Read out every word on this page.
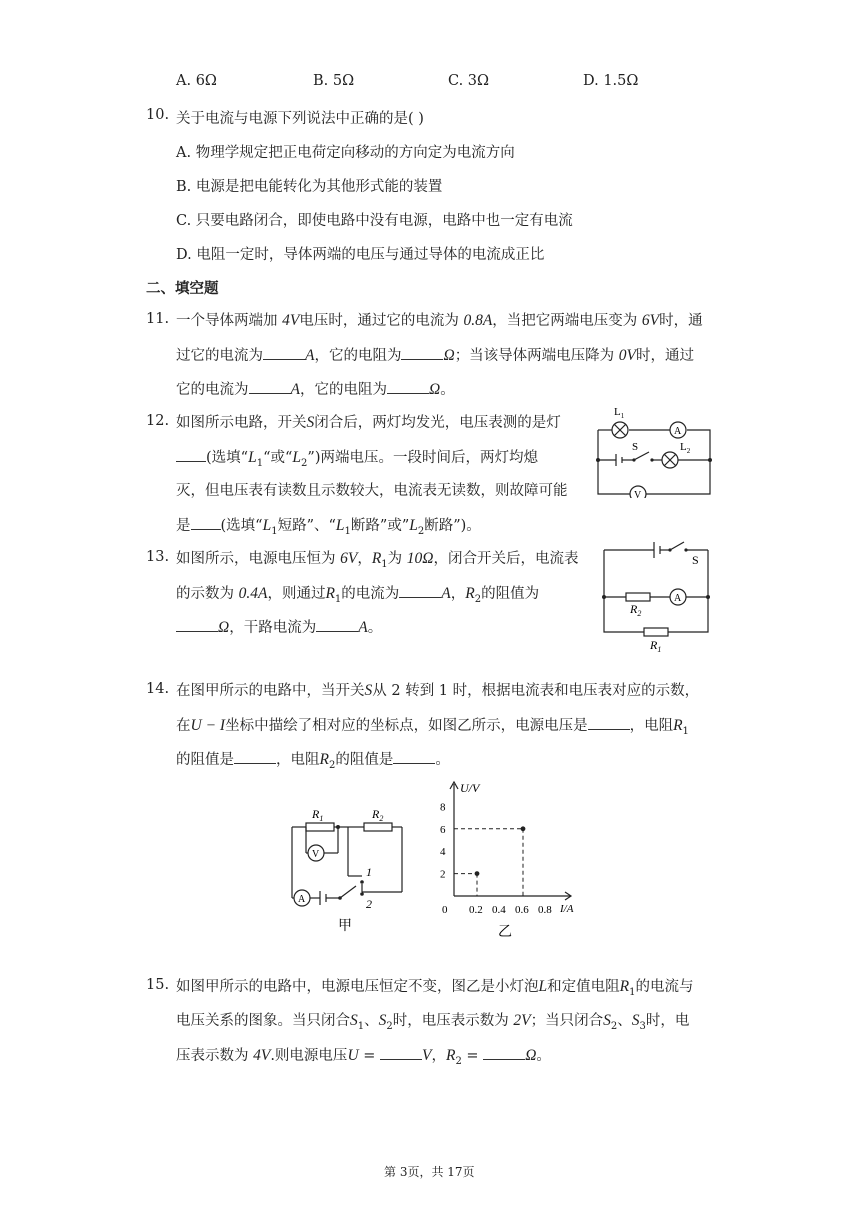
A. 6Ω	B. 5Ω	C. 3Ω	D. 1.5Ω
10. 关于电流与电源下列说法中正确的是( )
A. 物理学规定把正电荷定向移动的方向定为电流方向
B. 电源是把电能转化为其他形式能的装置
C. 只要电路闭合，即使电路中没有电源，电路中也一定有电流
D. 电阻一定时，导体两端的电压与通过导体的电流成正比
二、填空题
11. 一个导体两端加 4V电压时，通过它的电流为 0.8A，当把它两端电压变为 6V时，通
过它的电流为	A，它的电阻为	Ω；当该导体两端电压降为 0V时，通过
它的电流为	A，它的电阻为	Ω。
12. 如图所示电路，开关S闭合后，两灯均发光，电压表测的是灯
(选填“$L_1“$或“$L_2$”)两端电压。一段时间后，两灯均熄
灭，但电压表有读数且示数较大，电流表无读数，则故障可能
是 (选填“$L_1$短路”、“$L_1$断路”或$”L_2$断路”)。
$L_1$
A
S	$L_2$
V
13. 如图所示，电源电压恒为 6V，$R_1$为 10Ω，闭合开关后，电流表
的示数为 0.4A，则通过$R_1$的电流为	A，$R_2$的阻值为
Ω，干路电流为	A。
S
A
$R_2$
$R_1$
14. 在图甲所示的电路中，当开关S从 2 转到 1 时，根据电流表和电压表对应的示数，
在U − I坐标中描绘了相对应的坐标点，如图乙所示，电源电压是	，电阻$R_1$
的阻值是	，电阻$R_2$的阻值是	。
$R_1$	$R_2$
V
A
1
2
甲
U/V
I/A
乙
0 0.2 0.4 0.6 0.8
2
4
6
8
15. 如图甲所示的电路中，电源电压恒定不变，图乙是小灯泡L和定值电阻$R_1$的电流与
电压关系的图象。当只闭合$S_1$、$S_2$时，电压表示数为 2V；当只闭合$S_2$、$S_3$时，电
压表示数为 4V.则电源电压U =	V，$R_2$ =	Ω。
第 3页，共 17页
